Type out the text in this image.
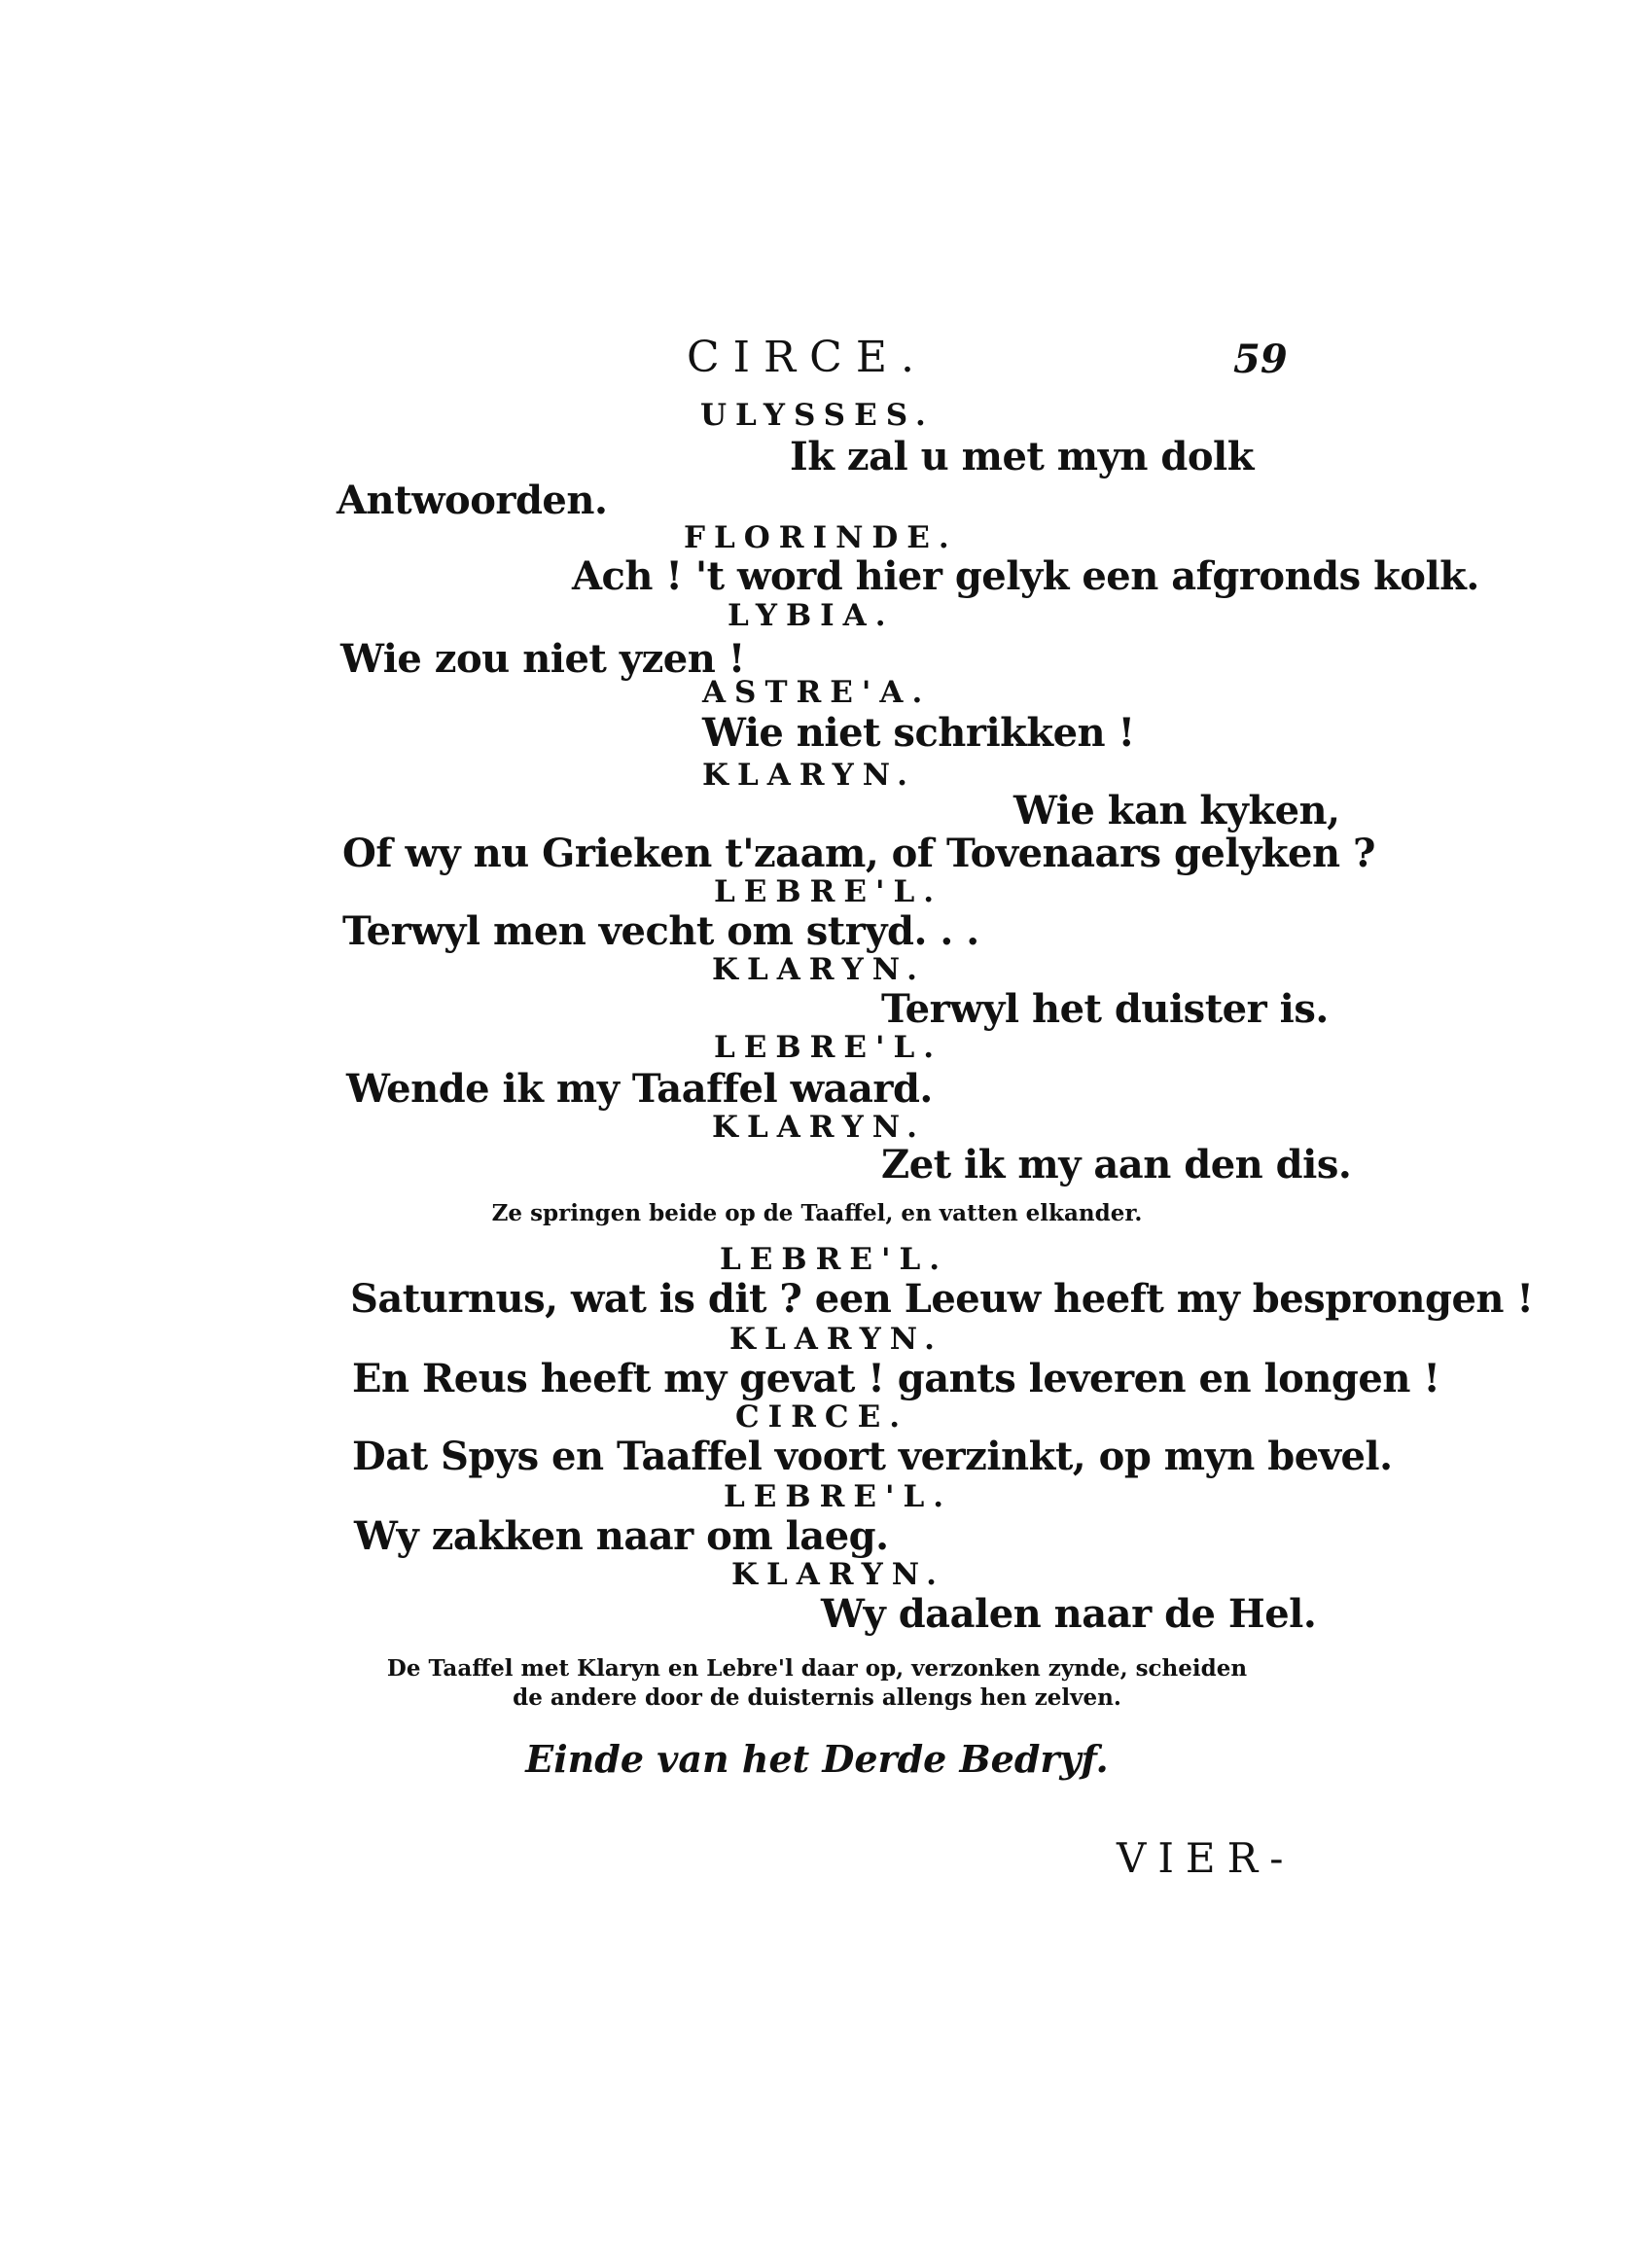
CIRCE.	59
ULYSSES.
Ik zal u met myn dolk
Antwoorden.
FLORINDE.
Ach ! 't word hier gelyk een afgronds kolk.
LYBIA.
Wie zou niet yzen !
ASTRE'A.
Wie niet schrikken !
KLARYN.
Wie kan kyken,
Of wy nu Grieken t'zaam, of Tovenaars gelyken ?
LEBRE'L.
Terwyl men vecht om stryd. . .
KLARYN.
Terwyl het duister is.
LEBRE'L.
Wende ik my Taaffel waard.
KLARYN.
Zet ik my aan den dis.
Ze springen beide op de Taaffel, en vatten elkander.
LEBRE'L.
Saturnus, wat is dit ? een Leeuw heeft my besprongen !
KLARYN.
En Reus heeft my gevat ! gants leveren en longen !
CIRCE.
Dat Spys en Taaffel voort verzinkt, op myn bevel.
LEBRE'L.
Wy zakken naar om laeg.
KLARYN.
Wy daalen naar de Hel.
De Taaffel met Klaryn en Lebre'l daar op, verzonken zynde, scheiden
de andere door de duisternis allengs hen zelven.
Einde van het Derde Bedryf.
VIER-
